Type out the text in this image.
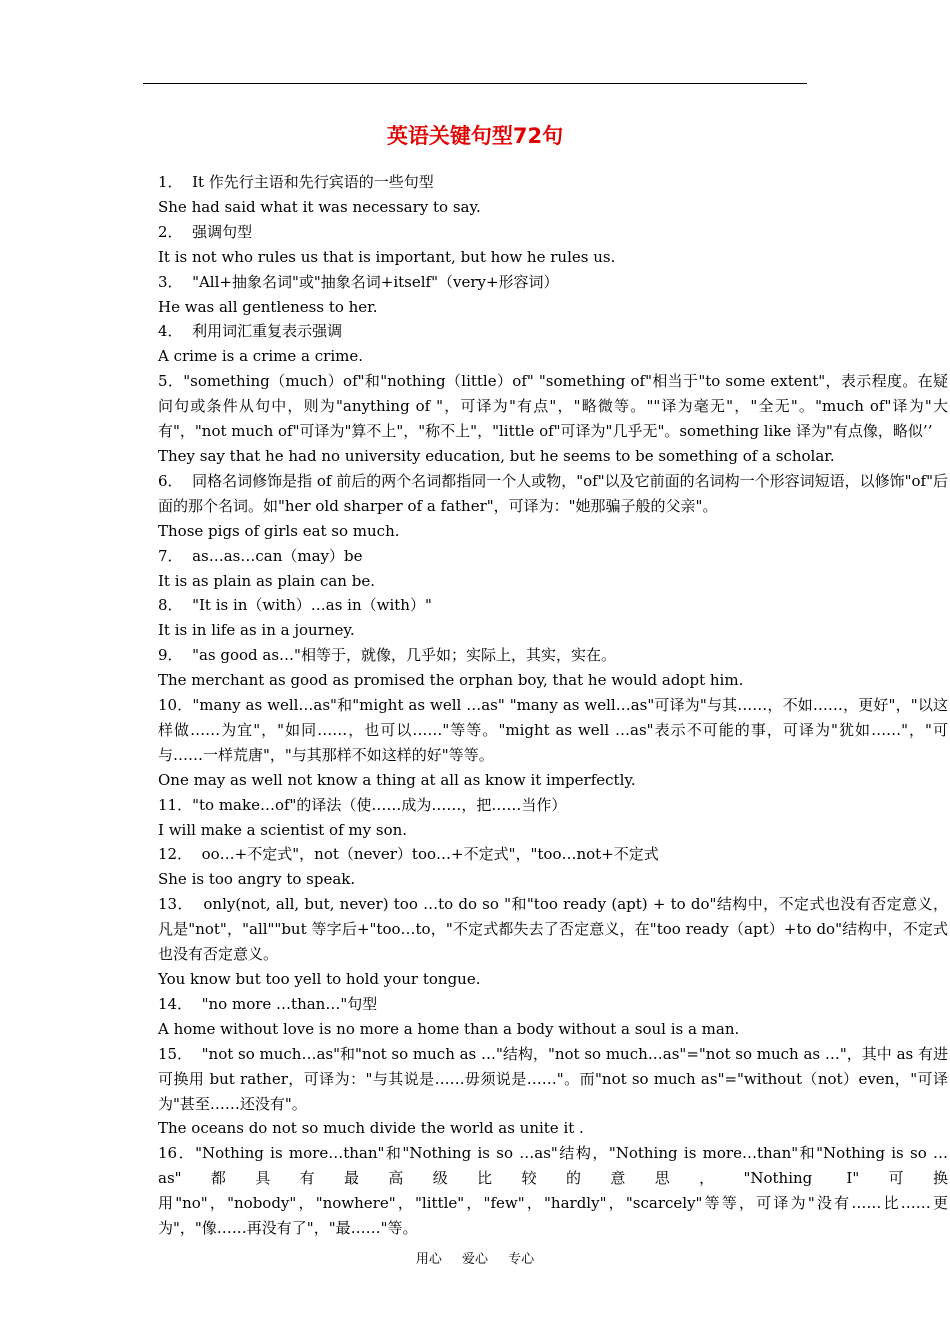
英语关键句型72句

1．  It 作先行主语和先行宾语的一些句型

She had said what it was necessary to say.

2．  强调句型

It is not who rules us that is important, but how he rules us.

3．  "All+抽象名词"或"抽象名词+itself"（very+形容词）

He was all gentleness to her.

4．  利用词汇重复表示强调

A crime is a crime a crime.

5．"something（much）of"和"nothing（little）of" "something of"相当于"to some extent"，表示程度。在疑问句或条件从句中，则为"anything of "，可译为"有点"，"略微等。""译为毫无"，"全无"。"much of"译为"大有"，"not much of"可译为"算不上"，"称不上"，"little of"可译为"几乎无"。something like 译为"有点像，略似’’

They say that he had no university education, but he seems to be something of a scholar.

6．  同格名词修饰是指 of 前后的两个名词都指同一个人或物，"of"以及它前面的名词构一个形容词短语，以修饰"of"后面的那个名词。如"her old sharper of a father"，可译为："她那骗子般的父亲"。

Those pigs of girls eat so much.

7．  as…as…can（may）be

It is as plain as plain can be.

8．  "It is in（with）…as in（with）"

It is in life as in a journey.

9．  "as good as…"相等于，就像，几乎如；实际上，其实，实在。

The merchant as good as promised the orphan boy, that he would adopt him.

10．"many as well…as"和"might as well …as" "many as well…as"可译为"与其……，不如……，更好"，"以这样做……为宜"，"如同……，也可以……"等等。"might as well …as"表示不可能的事，可译为"犹如……"，"可与……一样荒唐"，"与其那样不如这样的好"等等。

One may as well not know a thing at all as know it imperfectly.

11．"to make…of"的译法（使……成为……，把……当作）

I will make a scientist of my son.

12．  oo…+不定式"，not（never）too…+不定式"，"too…not+不定式

She is too angry to speak.

13．  only(not, all, but, never) too …to do so "和"too ready (apt) + to do"结构中，不定式也没有否定意义，凡是"not"，"all""but 等字后+"too…to，"不定式都失去了否定意义，在"too ready（apt）+to do"结构中，不定式也没有否定意义。

You know but too yell to hold your tongue.

14．  "no more …than…"句型

A home without love is no more a home than a body without a soul is a man.

15．  "not so much…as"和"not so much as …"结构，"not so much…as"="not so much as …"，其中 as 有进可换用 but rather，可译为："与其说是……毋须说是……"。而"not so much as"="without（not）even，"可译为"甚至……还没有"。

The oceans do not so much divide the world as unite it .

16．"Nothing is more…than"和"Nothing is so …as"结构，"Nothing is more…than"和"Nothing is so …as"都具有最高级比较的意思，"Nothing I"可换用"no"，"nobody"，"nowhere"，"little"，"few"，"hardly"，"scarcely"等等，可译为"没有……比……更为"，"像……再没有了"，"最……"等。

用心 爱心 专心
